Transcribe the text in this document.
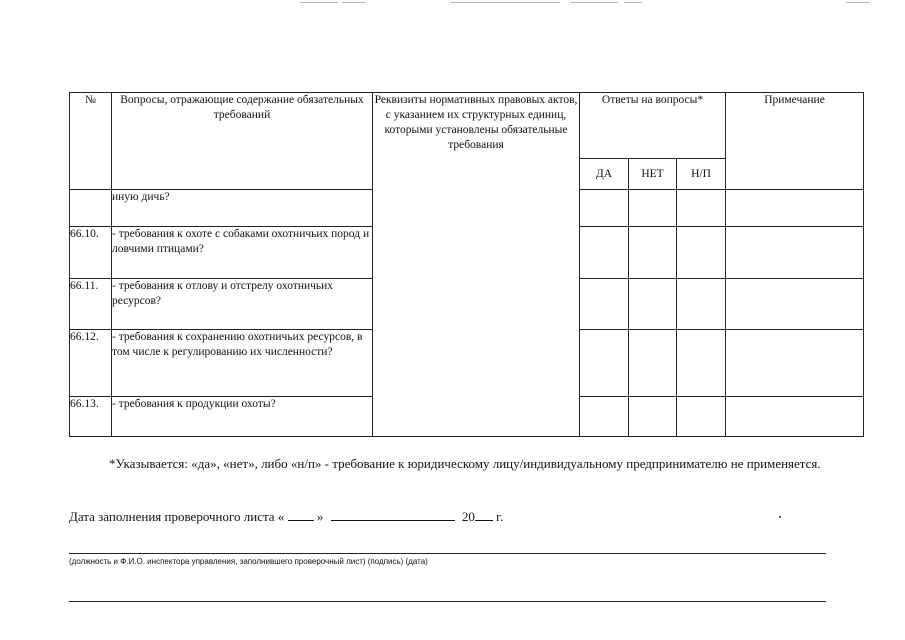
№	Вопросы, отражающие содержание обязательных требований	Реквизиты нормативных правовых актов, с указанием их структурных единиц, которыми установлены обязательные требования	Ответы на вопросы*			Примечание
			ДА	НЕТ	Н/П	
	иную дичь?					
66.10.	- требования к охоте с собаками охотничьих пород и ловчими птицами?					
66.11.	- требования к отлову и отстрелу охотничьих ресурсов?					
66.12.	- требования к сохранению охотничьих ресурсов, в том числе к регулированию их численности?					
66.13.	- требования к продукции охоты?					
*Указывается: «да», «нет», либо «н/п» - требование к юридическому лицу/индивидуальному предпринимателю не применяется.
Дата заполнения проверочного листа «	»	20 г.
(должность и Ф.И.О. инспектора управления, заполнившего проверочный лист) (подпись) (дата)
